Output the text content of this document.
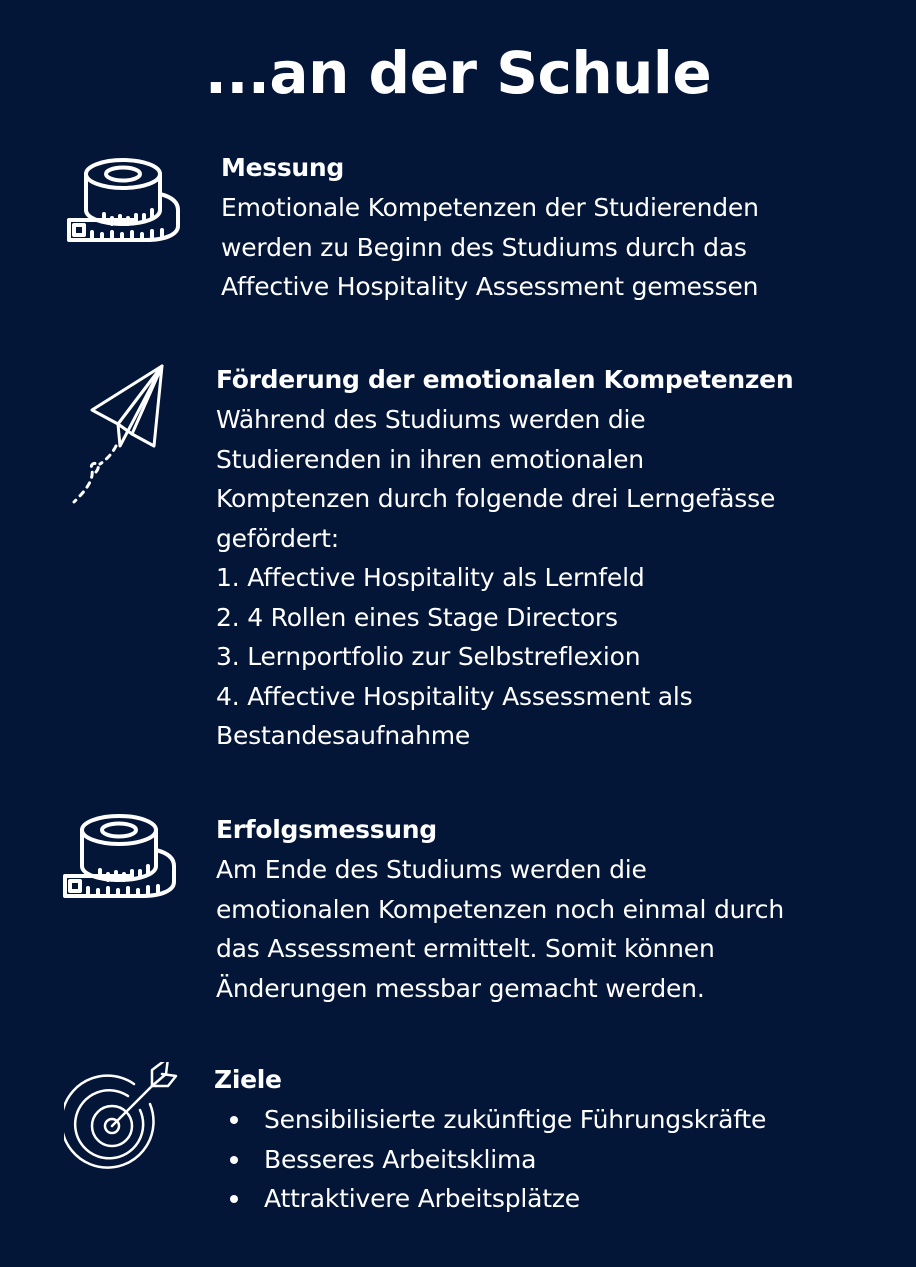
...an der Schule
Messung
Emotionale Kompetenzen der Studierenden
werden zu Beginn des Studiums durch das
Affective Hospitality Assessment gemessen
Förderung der emotionalen Kompetenzen
Während des Studiums werden die
Studierenden in ihren emotionalen
Komptenzen durch folgende drei Lerngefässe
gefördert:
1. Affective Hospitality als Lernfeld
2. 4 Rollen eines Stage Directors
3. Lernportfolio zur Selbstreflexion
4. Affective Hospitality Assessment als
Bestandesaufnahme
Erfolgsmessung
Am Ende des Studiums werden die
emotionalen Kompetenzen noch einmal durch
das Assessment ermittelt. Somit können
Änderungen messbar gemacht werden.
Ziele
Sensibilisierte zukünftige Führungskräfte
Besseres Arbeitsklima
Attraktivere Arbeitsplätze
